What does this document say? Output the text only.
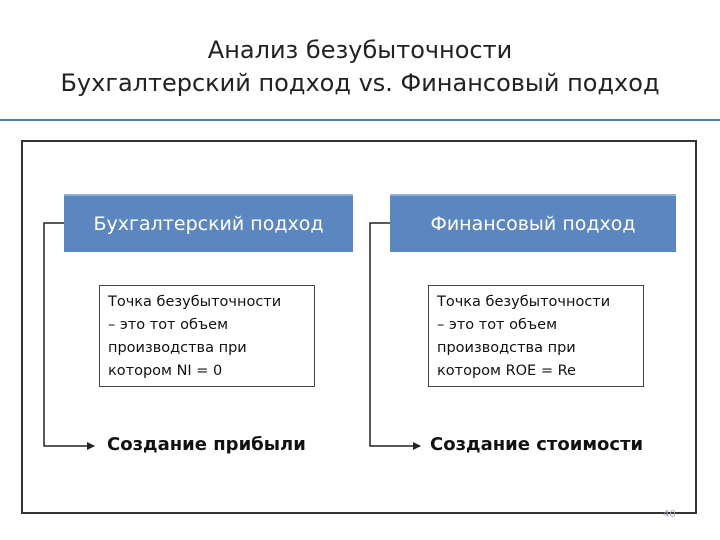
Анализ безубыточности
Бухгалтерский подход vs. Финансовый подход
Бухгалтерский подход
Точка безубыточности
– это тот объем
производства при
котором NI = 0
Создание прибыли
Финансовый подход
Точка безубыточности
– это тот объем
производства при
котором ROE = Re
Создание стоимости
40
